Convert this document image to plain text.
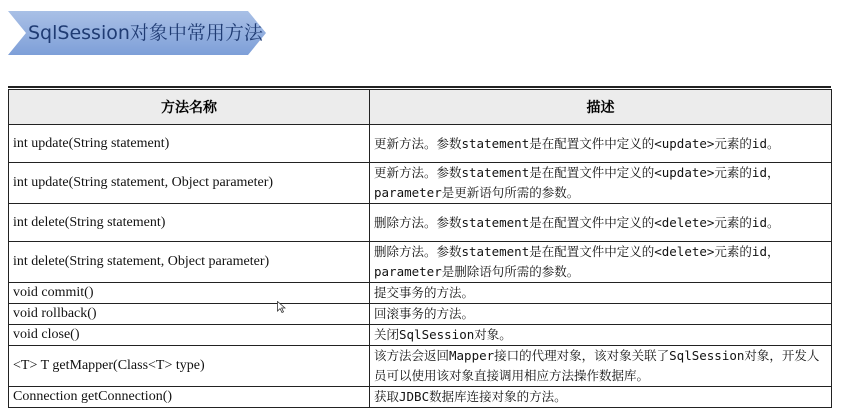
SqlSession对象中常用方法
方法名称	描述
int update(String statement)	更新方法。参数statement是在配置文件中定义的<update>元素的id。
int update(String statement, Object parameter)	更新方法。参数statement是在配置文件中定义的<update>元素的id，parameter是更新语句所需的参数。
int delete(String statement)	删除方法。参数statement是在配置文件中定义的<delete>元素的id。
int delete(String statement, Object parameter)	删除方法。参数statement是在配置文件中定义的<delete>元素的id，parameter是删除语句所需的参数。
void commit()	提交事务的方法。
void rollback()	回滚事务的方法。
void close()	关闭SqlSession对象。
<T> T getMapper(Class<T> type)	该方法会返回Mapper接口的代理对象，该对象关联了SqlSession对象，开发人员可以使用该对象直接调用相应方法操作数据库。
Connection getConnection()	获取JDBC数据库连接对象的方法。
